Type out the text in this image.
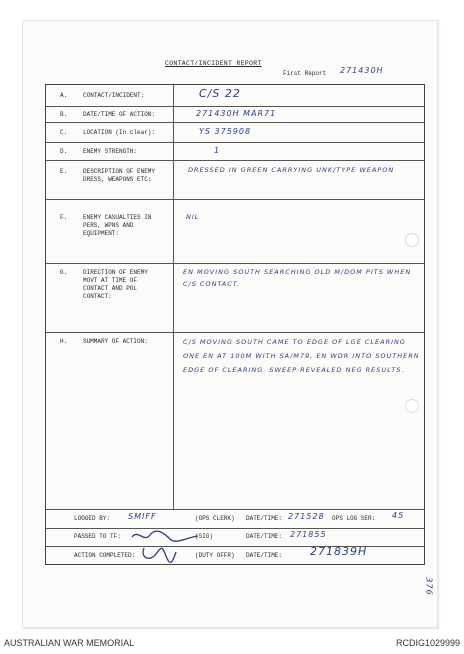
CONTACT/INCIDENT REPORT
First Report 271430H
A.	CONTACT/INCIDENT:	C/S 22
B.	DATE/TIME OF ACTION:	271430H MAR71
C.	LOCATION (In clear):	YS 375908
D.	ENEMY STRENGTH:	1
E.	DESCRIPTION OF ENEMY
DRESS, WEAPONS ETC:
DRESSED IN GREEN CARRYING UNK/TYPE WEAPON
F.	ENEMY CASUALTIES IN
PERS, WPNS AND
EQUIPMENT:
NIL
G.	DIRECTION OF ENEMY
MOVT AT TIME OF
CONTACT AND POL
CONTACT:
EN MOVING SOUTH SEARCHING OLD M/DOM PITS WHEN C/S CONTACT.
H.	SUMMARY OF ACTION:	C/S MOVING SOUTH CAME TO EDGE OF LGE CLEARING ONE EN AT 100M WITH SA/M79, EN WDR INTO SOUTHERN EDGE OF CLEARING. SWEEP REVEALED NEG RESULTS.
LOGGED BY: SMIFF	(OPS CLERK) DATE/TIME: 271528 OPS LOG SER: 45
PASSED TO TF:	(SIG)	DATE/TIME: 271855
ACTION COMPLETED:	(DUTY OFFR) DATE/TIME:	271839H
376
AUSTRALIAN WAR MEMORIAL	RCDIG1029999
